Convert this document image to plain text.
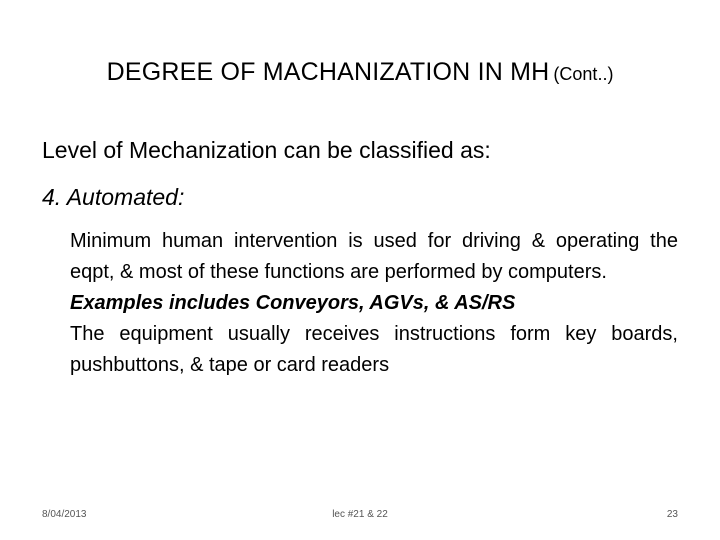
DEGREE OF MACHANIZATION IN MH (Cont..)
Level of Mechanization can be classified as:
4. Automated:

Minimum human intervention is used for driving & operating the eqpt, & most of these functions are performed by computers.

Examples includes Conveyors, AGVs, & AS/RS

The equipment usually receives instructions form key boards, pushbuttons, & tape or card readers

8/04/2013	lec #21 & 22	23
